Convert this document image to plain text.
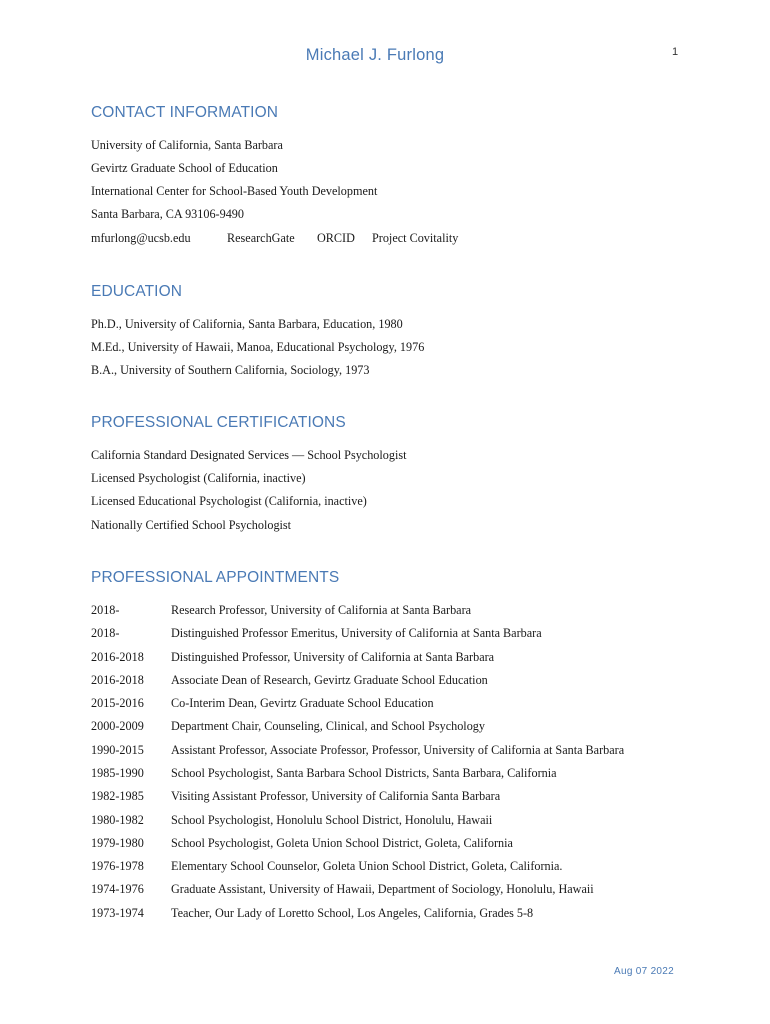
Michael J. Furlong	1
CONTACT INFORMATION
University of California, Santa Barbara
Gevirtz Graduate School of Education
International Center for School-Based Youth Development
Santa Barbara, CA 93106-9490
mfurlong@ucsb.edu	ResearchGate ORCID Project Covitality
EDUCATION
Ph.D., University of California, Santa Barbara, Education, 1980
M.Ed., University of Hawaii, Manoa, Educational Psychology, 1976
B.A., University of Southern California, Sociology, 1973
PROFESSIONAL CERTIFICATIONS
California Standard Designated Services — School Psychologist
Licensed Psychologist (California, inactive)
Licensed Educational Psychologist (California, inactive)
Nationally Certified School Psychologist
PROFESSIONAL APPOINTMENTS
2018-	Research Professor, University of California at Santa Barbara
2018-	Distinguished Professor Emeritus, University of California at Santa Barbara
2016-2018 Distinguished Professor, University of California at Santa Barbara
2016-2018 Associate Dean of Research, Gevirtz Graduate School Education
2015-2016 Co-Interim Dean, Gevirtz Graduate School Education
2000-2009 Department Chair, Counseling, Clinical, and School Psychology
1990-2015 Assistant Professor, Associate Professor, Professor, University of California at Santa Barbara
1985-1990 School Psychologist, Santa Barbara School Districts, Santa Barbara, California
1982-1985 Visiting Assistant Professor, University of California Santa Barbara
1980-1982 School Psychologist, Honolulu School District, Honolulu, Hawaii
1979-1980 School Psychologist, Goleta Union School District, Goleta, California
1976-1978 Elementary School Counselor, Goleta Union School District, Goleta, California.
1974-1976 Graduate Assistant, University of Hawaii, Department of Sociology, Honolulu, Hawaii
1973-1974 Teacher, Our Lady of Loretto School, Los Angeles, California, Grades 5-8
Aug 07 2022
